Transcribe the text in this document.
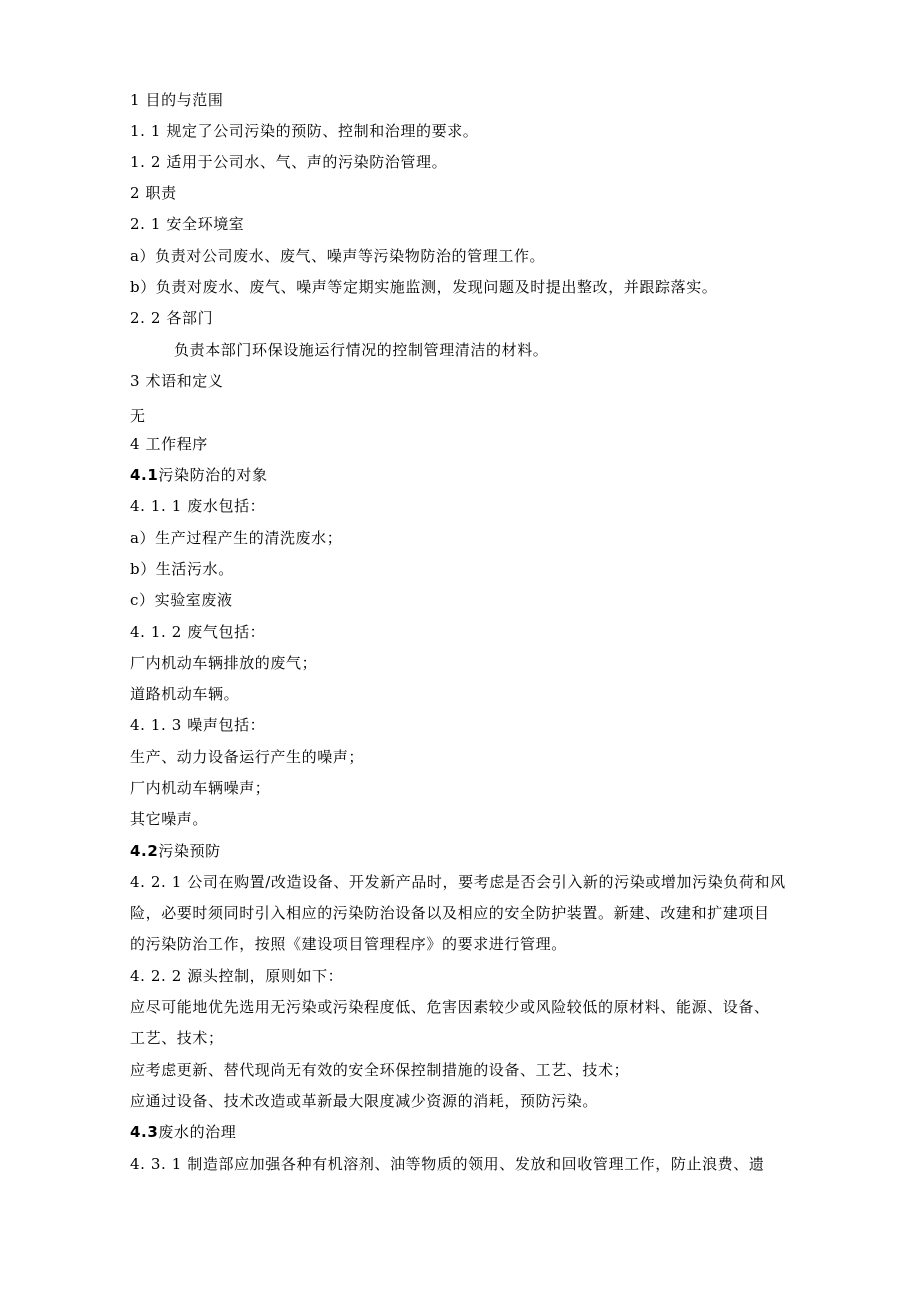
1 目的与范围
1. 1 规定了公司污染的预防、控制和治理的要求。
1. 2 适用于公司水、气、声的污染防治管理。
2 职责
2. 1 安全环境室
a）负责对公司废水、废气、噪声等污染物防治的管理工作。
b）负责对废水、废气、噪声等定期实施监测，发现问题及时提出整改，并跟踪落实。
2. 2 各部门
负责本部门环保设施运行情况的控制管理清洁的材料。
3 术语和定义
无
4 工作程序
4.1污染防治的对象
4. 1. 1 废水包括：
a）生产过程产生的清洗废水；
b）生活污水。
c）实验室废液
4. 1. 2 废气包括：
厂内机动车辆排放的废气；
道路机动车辆。
4. 1. 3 噪声包括：
生产、动力设备运行产生的噪声；
厂内机动车辆噪声；
其它噪声。
4.2污染预防
4. 2. 1 公司在购置/改造设备、开发新产品时，要考虑是否会引入新的污染或增加污染负荷和风
险，必要时须同时引入相应的污染防治设备以及相应的安全防护装置。新建、改建和扩建项目
的污染防治工作，按照《建设项目管理程序》的要求进行管理。
4. 2. 2 源头控制，原则如下：
应尽可能地优先选用无污染或污染程度低、危害因素较少或风险较低的原材料、能源、设备、
工艺、技术；
应考虑更新、替代现尚无有效的安全环保控制措施的设备、工艺、技术；
应通过设备、技术改造或革新最大限度减少资源的消耗，预防污染。
4.3废水的治理
4. 3. 1 制造部应加强各种有机溶剂、油等物质的领用、发放和回收管理工作，防止浪费、遗
